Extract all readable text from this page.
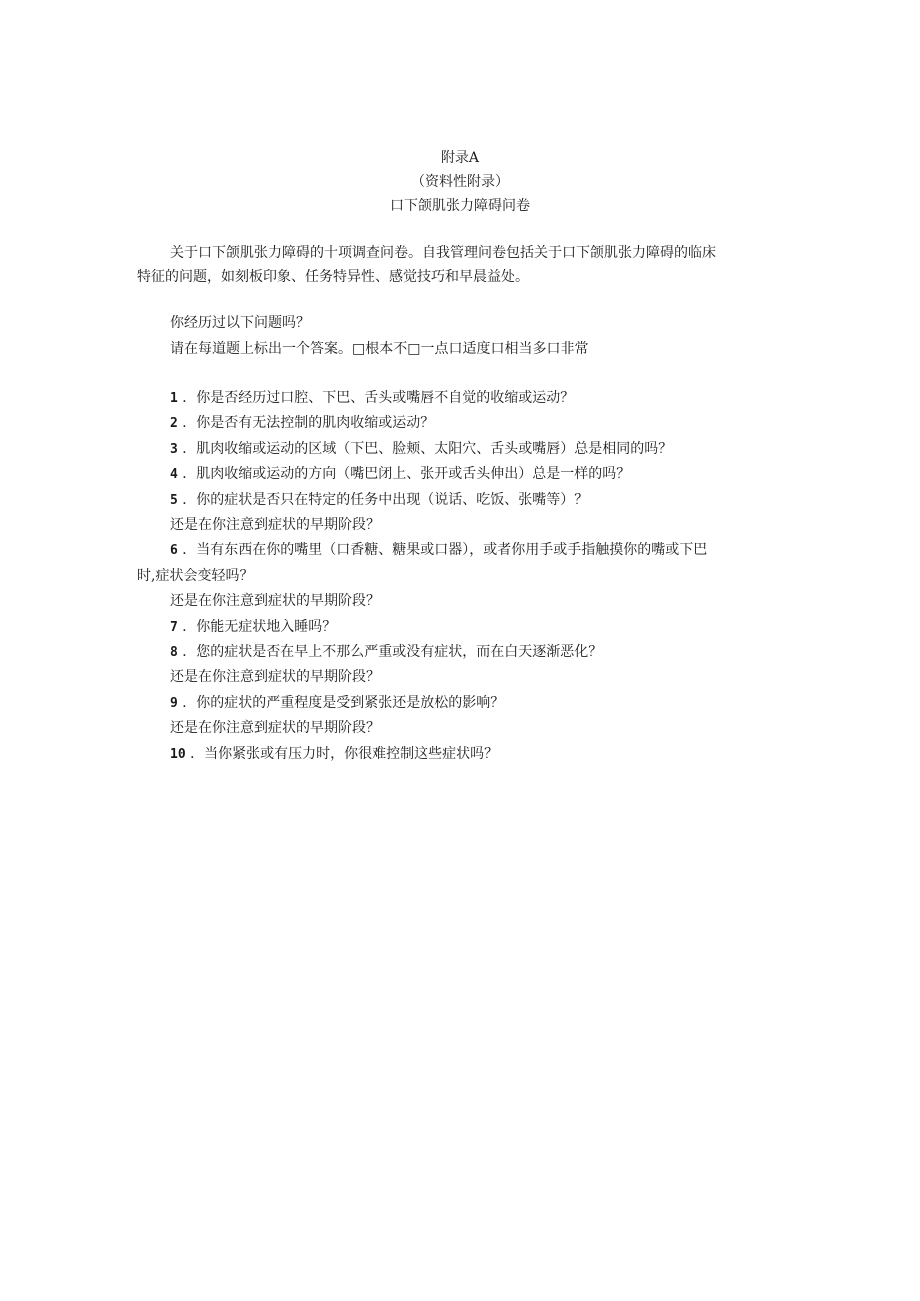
附录A
（资料性附录）
口下颌肌张力障碍问卷
关于口下颌肌张力障碍的十项调查问卷。自我管理问卷包括关于口下颌肌张力障碍的临床
特征的问题，如刻板印象、任务特异性、感觉技巧和早晨益处。
你经历过以下问题吗？
请在每道题上标出一个答案。□根本不□一点口适度口相当多口非常
1 ．你是否经历过口腔、下巴、舌头或嘴唇不自觉的收缩或运动？
2 ．你是否有无法控制的肌肉收缩或运动？
3 ．肌肉收缩或运动的区域（下巴、脸颊、太阳穴、舌头或嘴唇）总是相同的吗？
4 ．肌肉收缩或运动的方向（嘴巴闭上、张开或舌头伸出）总是一样的吗？
5 ．你的症状是否只在特定的任务中出现（说话、吃饭、张嘴等）？
还是在你注意到症状的早期阶段？
6 ．当有东西在你的嘴里（口香糖、糖果或口器），或者你用手或手指触摸你的嘴或下巴
时,症状会变轻吗？
还是在你注意到症状的早期阶段？
7 ．你能无症状地入睡吗？
8 ．您的症状是否在早上不那么严重或没有症状，而在白天逐渐恶化？
还是在你注意到症状的早期阶段？
9 ．你的症状的严重程度是受到紧张还是放松的影响？
还是在你注意到症状的早期阶段？
10 ．当你紧张或有压力时，你很难控制这些症状吗？
